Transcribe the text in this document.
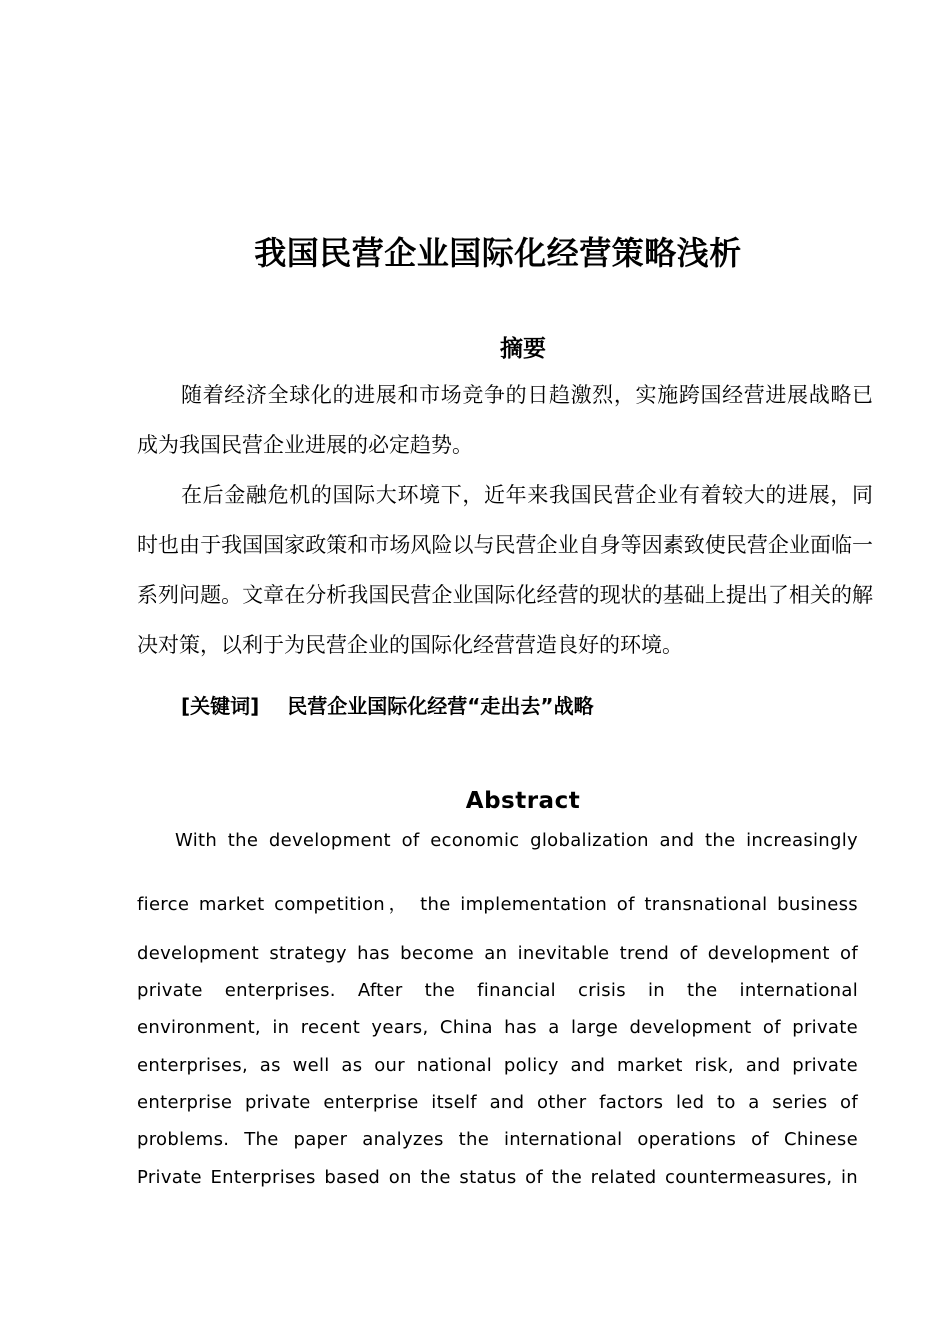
我国民营企业国际化经营策略浅析
摘要

随着经济全球化的进展和市场竞争的日趋激烈，实施跨国经营进展战略已成为我国民营企业进展的必定趋势。

在后金融危机的国际大环境下，近年来我国民营企业有着较大的进展，同时也由于我国国家政策和市场风险以与民营企业自身等因素致使民营企业面临一系列问题。文章在分析我国民营企业国际化经营的现状的基础上提出了相关的解决对策，以利于为民营企业的国际化经营营造良好的环境。

[关键词] 民营企业国际化经营“走出去”战略
Abstract
With the development of economic globalization and the increasingly
fierce market competition， the implementation of transnational business
development strategy has become an inevitable trend of development of
private enterprises. After the financial crisis in the international
environment, in recent years, China has a large development of private
enterprises, as well as our national policy and market risk, and private
enterprise private enterprise itself and other factors led to a series of
problems. The paper analyzes the international operations of Chinese
Private Enterprises based on the status of the related countermeasures, in
